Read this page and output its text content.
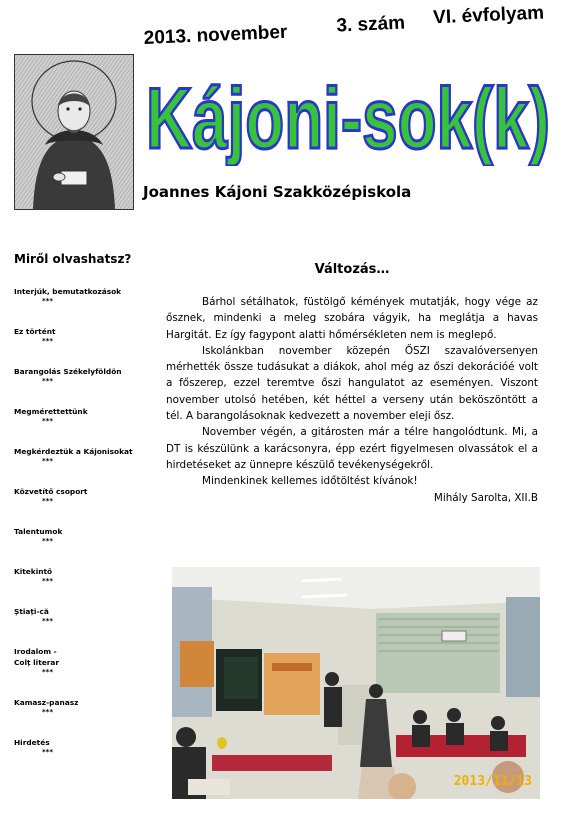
2013. november	3. szám VI. évfolyam
Kájoni-sok(k)
Joannes Kájoni Szakközépiskola
Miről olvashatsz?
Interjúk, bemutatkozások
***
Ez történt
***
Barangolás Székelyföldön
***
Megmérettettünk
***
Megkérdeztük a Kájonisokat
***
Közvetítő csoport
***
Talentumok
***
Kitekintő
***
Știați-că
***
Irodalom -
Colț literar
***
Kamasz-panasz
***
Hirdetés
***
Változás…

Bárhol sétálhatok, füstölgő kémények mutatják, hogy vége az ősznek, mindenki a meleg szobára vágyik, ha meglátja a havas Hargitát. Ez így fagypont alatti hőmérsékleten nem is meglepő.

Iskolánkban november közepén ŐSZI szavalóversenyen mérhették össze tudásukat a diákok, ahol még az őszi dekorációé volt a főszerep, ezzel teremtve őszi hangulatot az eseményen. Viszont november utolsó hetében, két héttel a verseny után beköszöntött a tél. A barangolásoknak kedvezett a november eleji ősz.

November végén, a gitárosten már a télre hangolódtunk. Mi, a DT is készülünk a karácsonyra, épp ezért figyelmesen olvassátok el a hirdetéseket az ünnepre készülő tevékenységekről.

Mindenkinek kellemes időtöltést kívánok!

Mihály Sarolta, XII.B

2013/11/13
